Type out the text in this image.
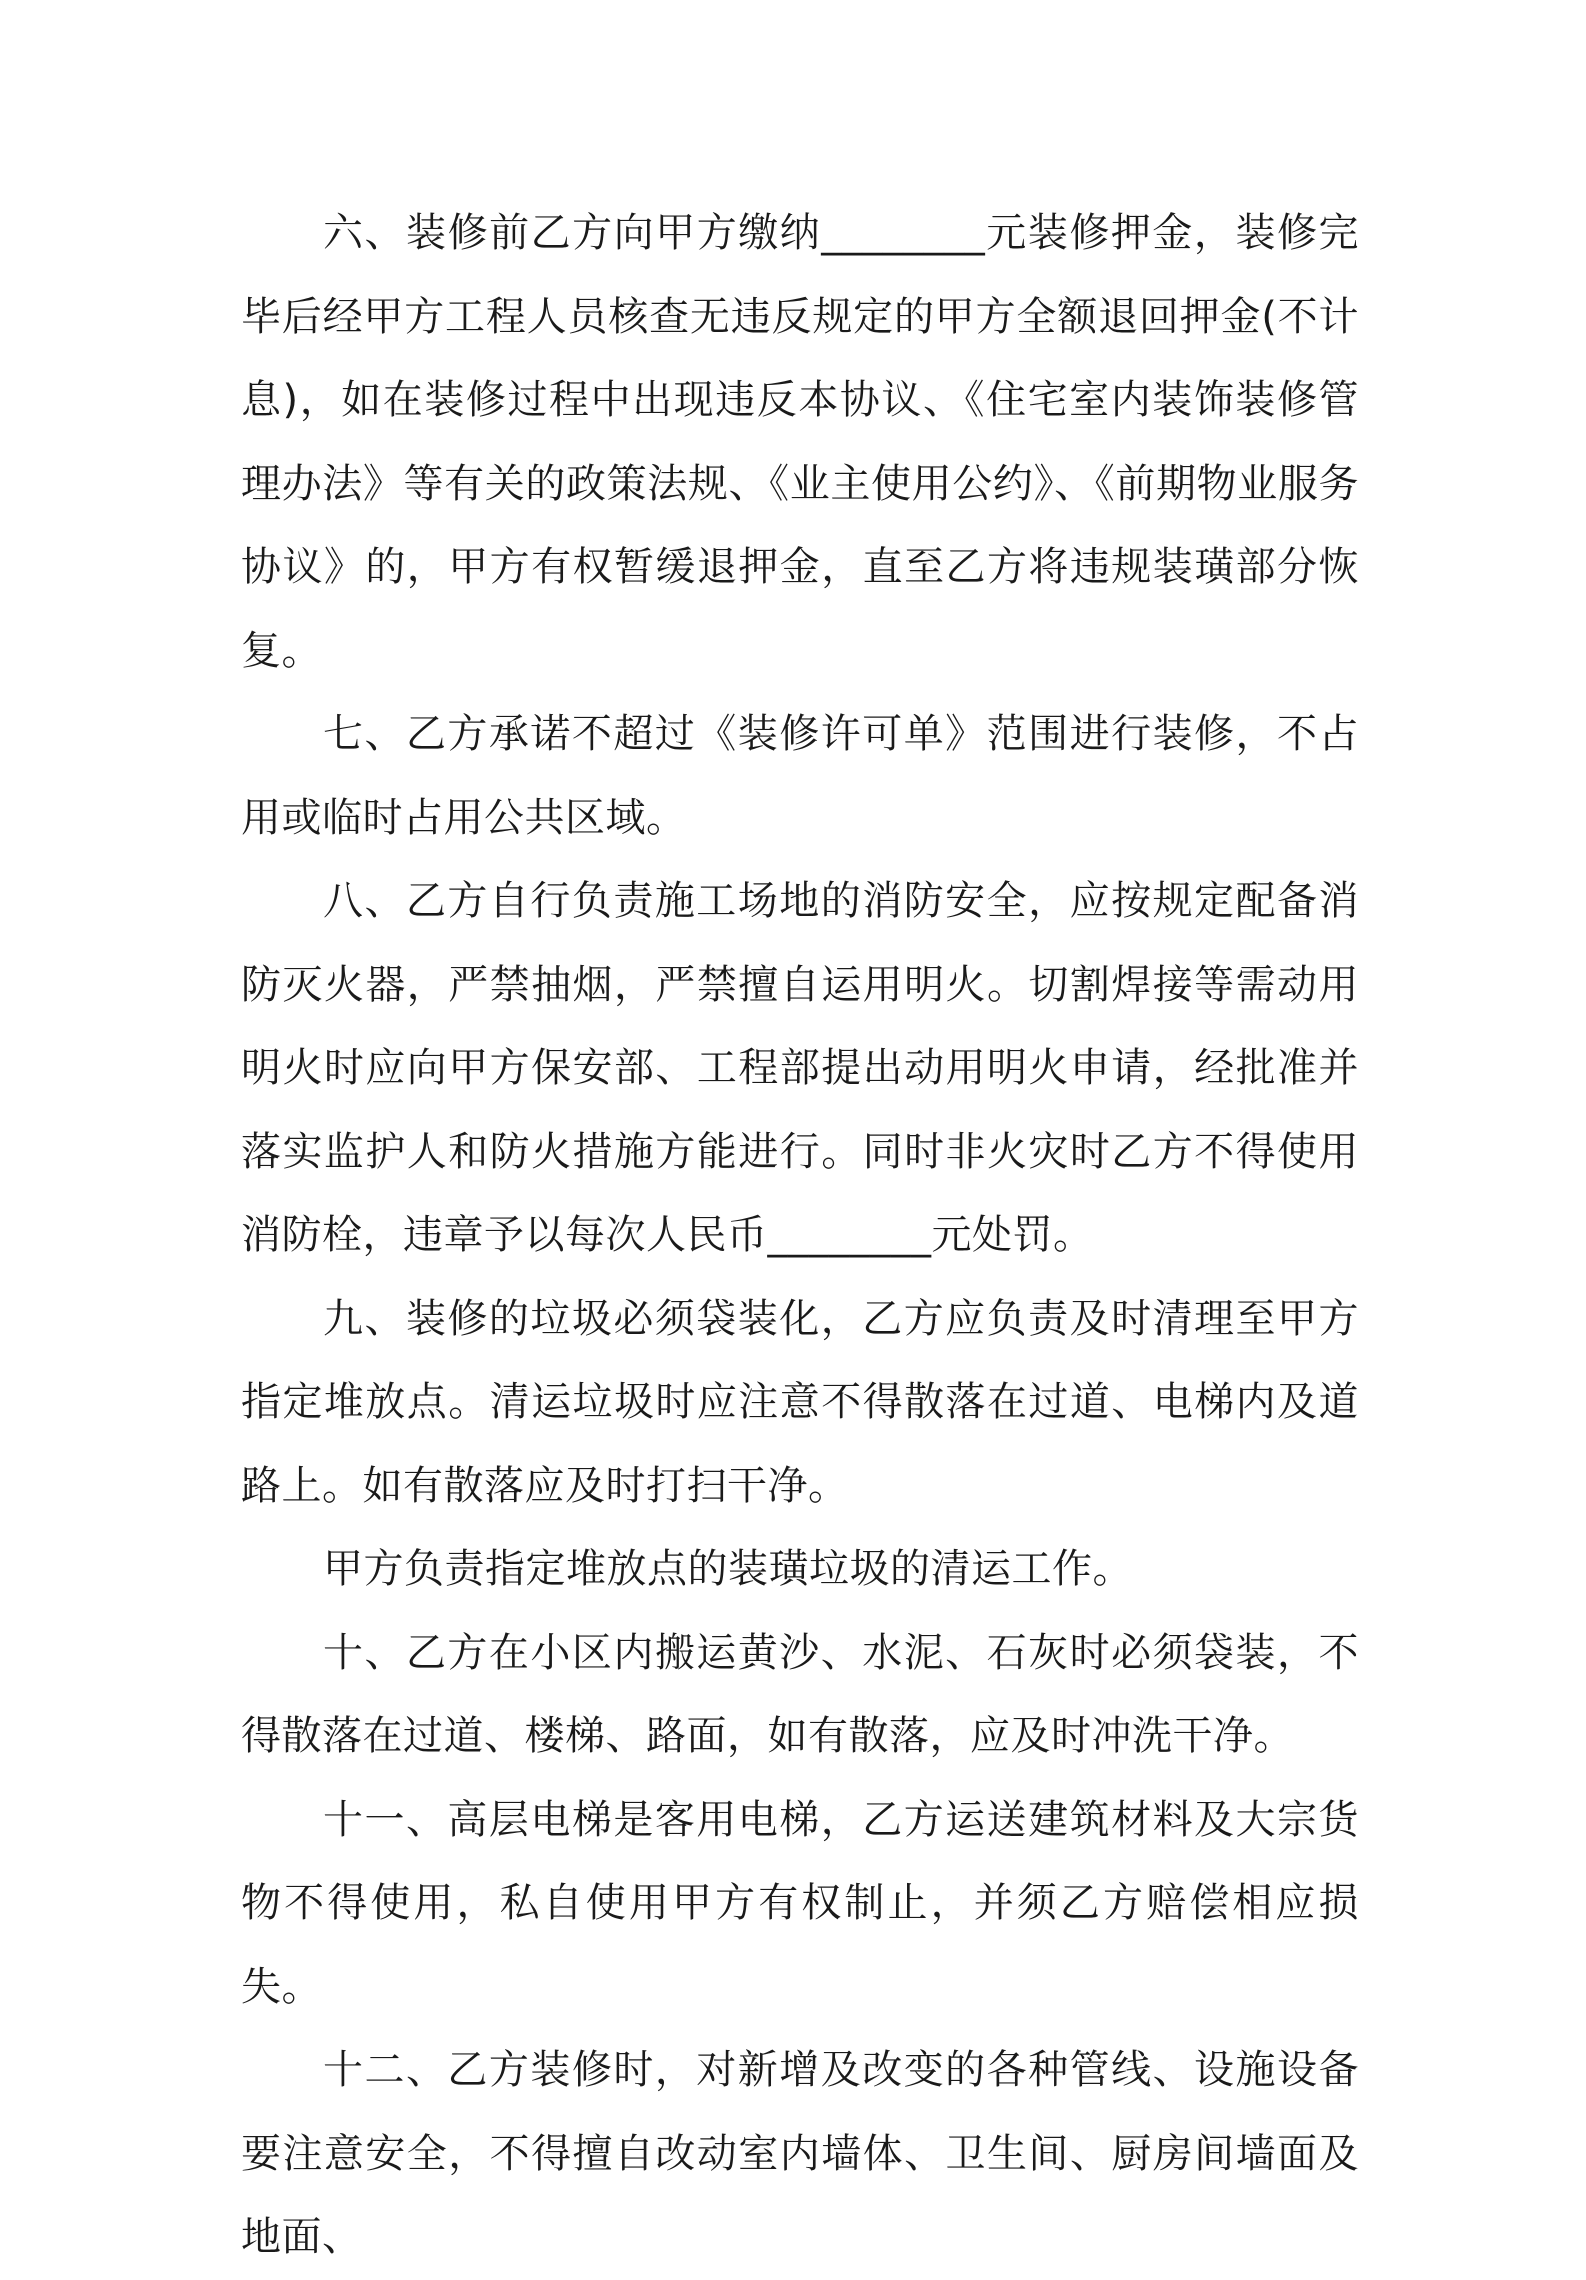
六、装修前乙方向甲方缴纳________元装修押金，装修完毕后经甲方工程人员核查无违反规定的甲方全额退回押金(不计息)，如在装修过程中出现违反本协议、《住宅室内装饰装修管理办法》等有关的政策法规、《业主使用公约》、《前期物业服务协议》的，甲方有权暂缓退押金，直至乙方将违规装璜部分恢复。

七、乙方承诺不超过《装修许可单》范围进行装修，不占用或临时占用公共区域。

八、乙方自行负责施工场地的消防安全，应按规定配备消防灭火器，严禁抽烟，严禁擅自运用明火。切割焊接等需动用明火时应向甲方保安部、工程部提出动用明火申请，经批准并落实监护人和防火措施方能进行。同时非火灾时乙方不得使用消防栓，违章予以每次人民币________元处罚。

九、装修的垃圾必须袋装化，乙方应负责及时清理至甲方指定堆放点。清运垃圾时应注意不得散落在过道、电梯内及道路上。如有散落应及时打扫干净。

甲方负责指定堆放点的装璜垃圾的清运工作。

十、乙方在小区内搬运黄沙、水泥、石灰时必须袋装，不得散落在过道、楼梯、路面，如有散落，应及时冲洗干净。

十一、高层电梯是客用电梯，乙方运送建筑材料及大宗货物不得使用，私自使用甲方有权制止，并须乙方赔偿相应损失。

十二、乙方装修时，对新增及改变的各种管线、设施设备要注意安全，不得擅自改动室内墙体、卫生间、厨房间墙面及地面、
